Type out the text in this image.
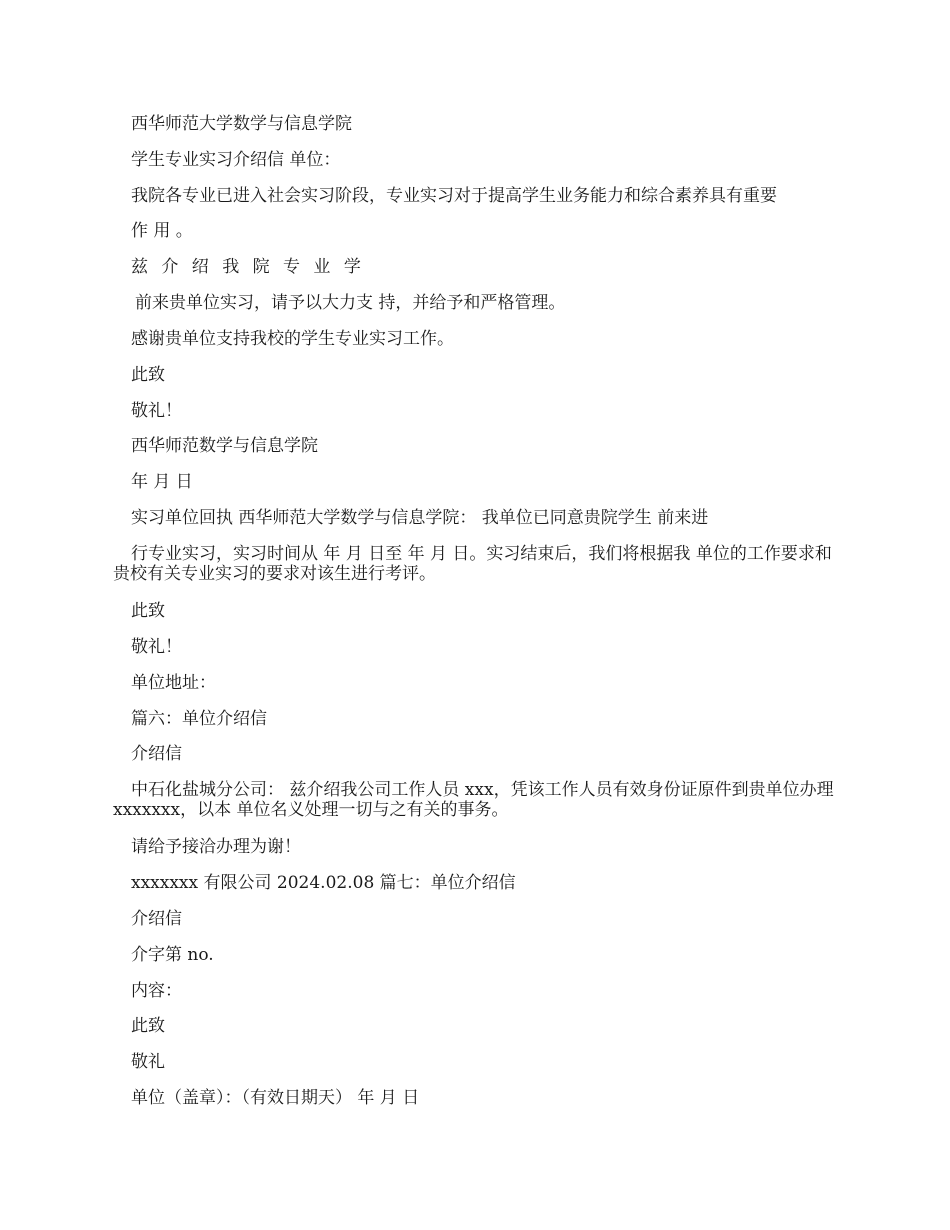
西华师范大学数学与信息学院
学生专业实习介绍信 单位：
我院各专业已进入社会实习阶段，专业实习对于提高学生业务能力和综合素养具有重要
作 用 。
兹 介 绍 我 院 专 业 学
前来贵单位实习，请予以大力支 持，并给予和严格管理。
感谢贵单位支持我校的学生专业实习工作。
此致
敬礼！
西华师范数学与信息学院
年 月 日
实习单位回执 西华师范大学数学与信息学院： 我单位已同意贵院学生 前来进
行专业实习，实习时间从 年 月 日至 年 月 日。实习结束后，我们将根据我 单位的工作要求和贵校有关专业实习的要求对该生进行考评。
此致
敬礼！
单位地址：
篇六：单位介绍信
介绍信
中石化盐城分公司： 兹介绍我公司工作人员 xxx，凭该工作人员有效身份证原件到贵单位办理 xxxxxxx，以本 单位名义处理一切与之有关的事务。
请给予接洽办理为谢！
xxxxxxx 有限公司 2024.02.08 篇七：单位介绍信
介绍信
介字第 no.
内容：
此致
敬礼
单位（盖章）：（有效日期天） 年 月 日
